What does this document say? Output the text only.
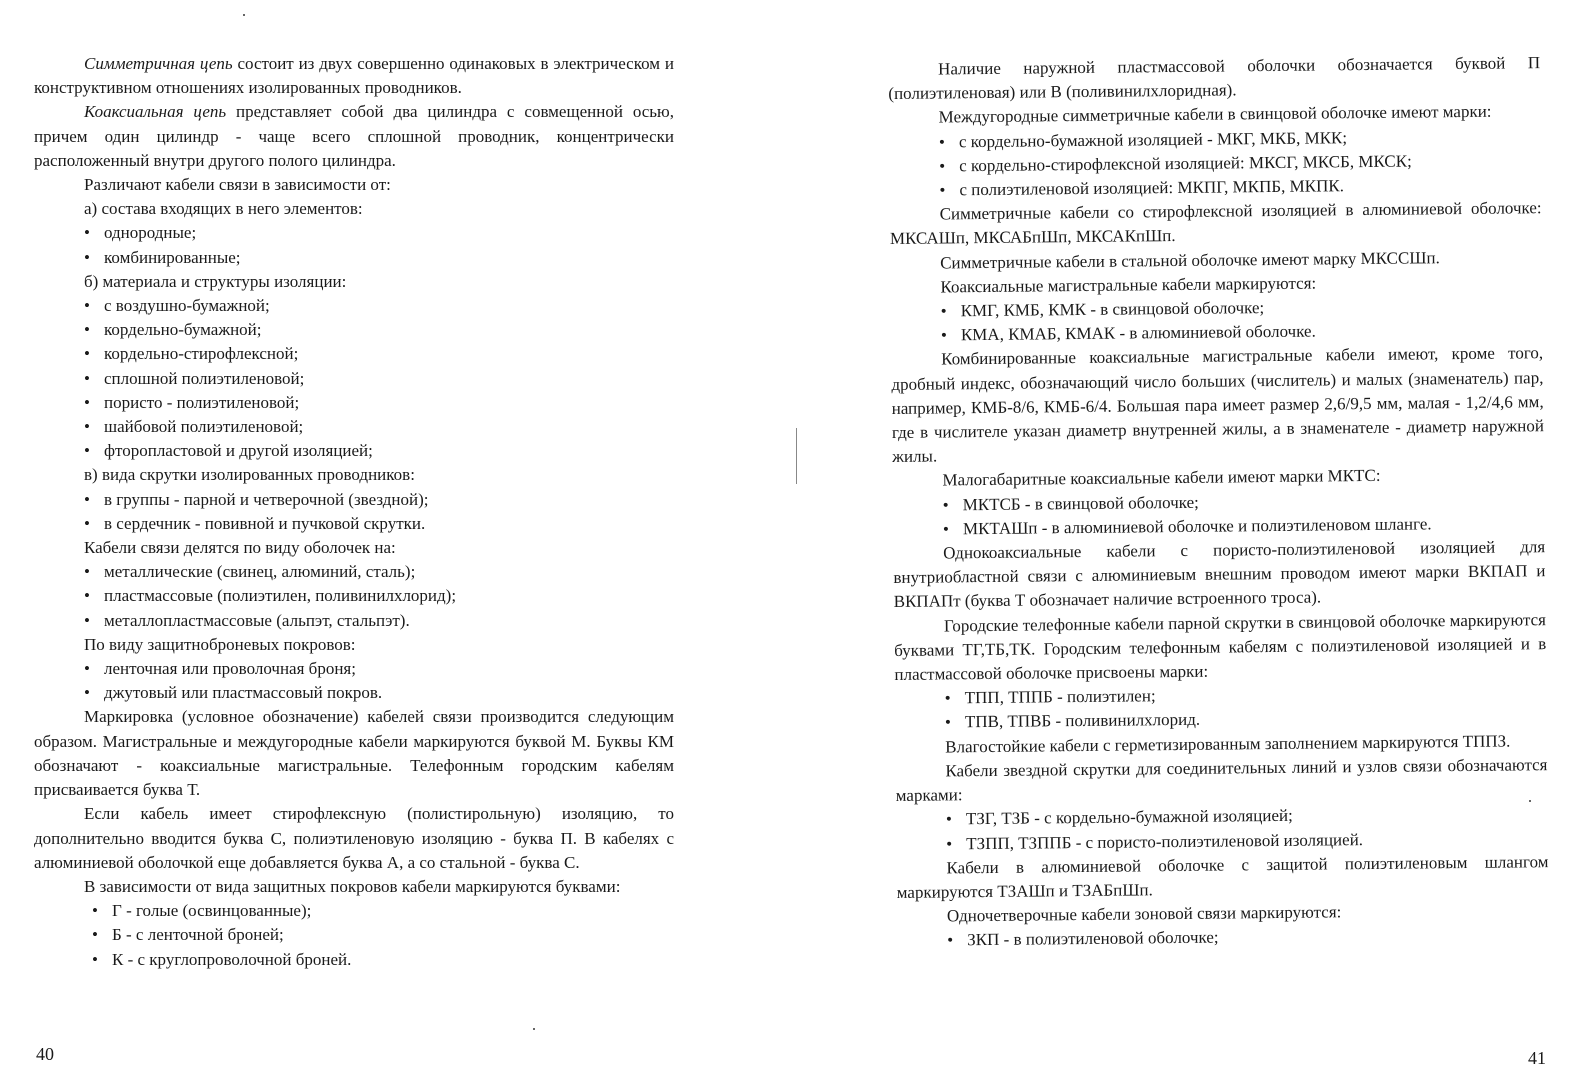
Симметричная цепь состоит из двух совершенно одинаковых в электрическом и конструктивном отношениях изолированных проводников.

Коаксиальная цепь представляет собой два цилиндра с совмещенной осью, причем один цилиндр - чаще всего сплошной проводник, концентрически расположенный внутри другого полого цилиндра.

Различают кабели связи в зависимости от:

а) состава входящих в него элементов:

• однородные;
• комбинированные;

б) материала и структуры изоляции:

• с воздушно-бумажной;
• кордельно-бумажной;
• кордельно-стирофлексной;
• сплошной полиэтиленовой;
• пористо - полиэтиленовой;
• шайбовой полиэтиленовой;
• фторопластовой и другой изоляцией;

в) вида скрутки изолированных проводников:

• в группы - парной и четверочной (звездной);
• в сердечник - повивной и пучковой скрутки.

Кабели связи делятся по виду оболочек на:

• металлические (свинец, алюминий, сталь);
• пластмассовые (полиэтилен, поливинилхлорид);
• металлопластмассовые (альпэт, стальпэт).

По виду защитноброневых покровов:

• ленточная или проволочная броня;
• джутовый или пластмассовый покров.

Маркировка (условное обозначение) кабелей связи производится следующим образом. Магистральные и междугородные кабели маркируются буквой М. Буквы КМ обозначают - коаксиальные магистральные. Телефонным городским кабелям присваивается буква Т.

Если кабель имеет стирофлексную (полистирольную) изоляцию, то дополнительно вводится буква С, полиэтиленовую изоляцию - буква П. В кабелях с алюминиевой оболочкой еще добавляется буква А, а со стальной - буква С.

В зависимости от вида защитных покровов кабели маркируются буквами:

• Г - голые (освинцованные);
• Б - с ленточной броней;
• К - с круглопроволочной броней.
40

Наличие наружной пластмассовой оболочки обозначается буквой П (полиэтиленовая) или В (поливинилхлоридная).

Междугородные симметричные кабели в свинцовой оболочке имеют марки:

• с кордельно-бумажной изоляцией - МКГ, МКБ, МКК;
• с кордельно-стирофлексной изоляцией: МКСГ, МКСБ, МКСК;
• с полиэтиленовой изоляцией: МКПГ, МКПБ, МКПК.

Симметричные кабели со стирофлексной изоляцией в алюминиевой оболочке: МКСАШп, МКСАБпШп, МКСАКпШп.

Симметричные кабели в стальной оболочке имеют марку МКССШп.

Коаксиальные магистральные кабели маркируются:

• КМГ, КМБ, КМК - в свинцовой оболочке;
• КМА, КМАБ, КМАК - в алюминиевой оболочке.

Комбинированные коаксиальные магистральные кабели имеют, кроме того, дробный индекс, обозначающий число больших (числитель) и малых (знаменатель) пар, например, КМБ-8/6, КМБ-6/4. Большая пара имеет размер 2,6/9,5 мм, малая - 1,2/4,6 мм, где в числителе указан диаметр внутренней жилы, а в знаменателе - диаметр наружной жилы.

Малогабаритные коаксиальные кабели имеют марки МКТС:

• МКТСБ - в свинцовой оболочке;
• МКТАШп - в алюминиевой оболочке и полиэтиленовом шланге.

Однокоаксиальные кабели с пористо-полиэтиленовой изоляцией для внутриобластной связи с алюминиевым внешним проводом имеют марки ВКПАП и ВКПАПт (буква Т обозначает наличие встроенного троса).

Городские телефонные кабели парной скрутки в свинцовой оболочке маркируются буквами ТГ,ТБ,ТК. Городским телефонным кабелям с полиэтиленовой изоляцией и в пластмассовой оболочке присвоены марки:

• ТПП, ТППБ - полиэтилен;
• ТПВ, ТПВБ - поливинилхлорид.

Влагостойкие кабели с герметизированным заполнением маркируются ТППЗ.

Кабели звездной скрутки для соединительных линий и узлов связи обозначаются марками:

• ТЗГ, ТЗБ - с кордельно-бумажной изоляцией;
• ТЗПП, ТЗППБ - с пористо-полиэтиленовой изоляцией.

Кабели в алюминиевой оболочке с защитой полиэтиленовым шлангом маркируются ТЗАШп и ТЗАБпШп.

Одночетверочные кабели зоновой связи маркируются:

• ЗКП - в полиэтиленовой оболочке;
41
